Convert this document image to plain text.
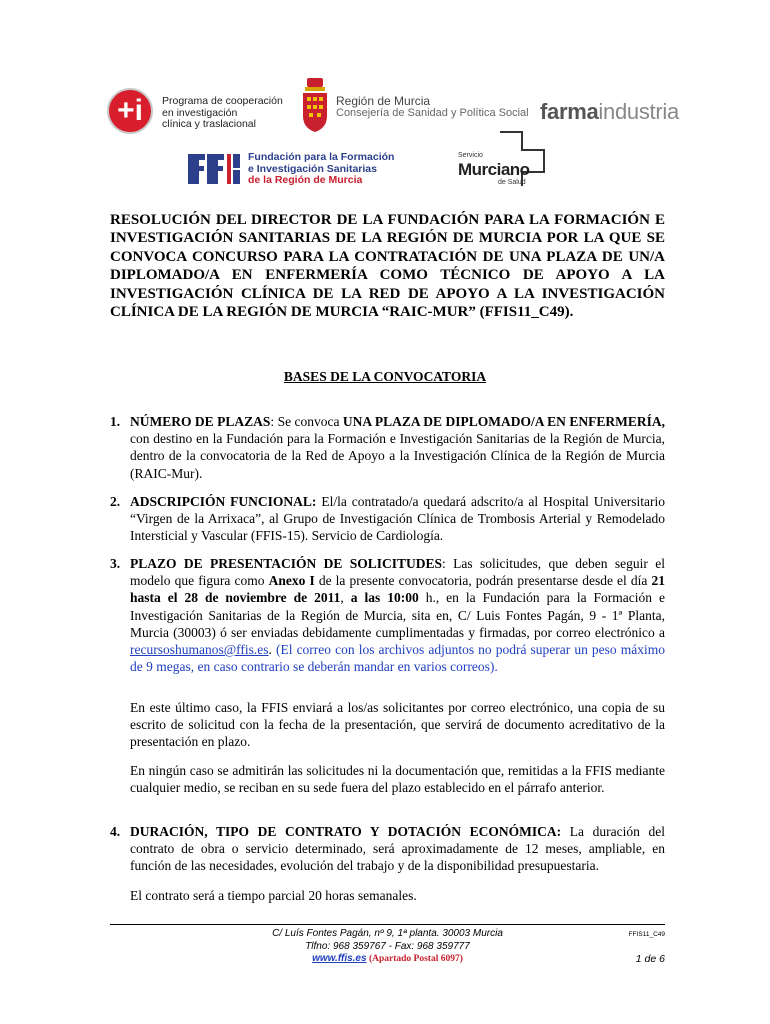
+i	Programa de cooperación
en investigación
clínica y traslacional
Región de Murcia
Consejería de Sanidad y Política Social farmaindustria
Fundación para la Formación
e Investigación Sanitarias
de la Región de Murcia
Servicio
Murciano
de Salud
RESOLUCIÓN DEL DIRECTOR DE LA FUNDACIÓN PARA LA FORMACIÓN E INVESTIGACIÓN SANITARIAS DE LA REGIÓN DE MURCIA POR LA QUE SE CONVOCA CONCURSO PARA LA CONTRATACIÓN DE UNA PLAZA DE UN/A DIPLOMADO/A EN ENFERMERÍA COMO TÉCNICO DE APOYO A LA INVESTIGACIÓN CLÍNICA DE LA RED DE APOYO A LA INVESTIGACIÓN CLÍNICA DE LA REGIÓN DE MURCIA “RAIC-MUR” (FFIS11_C49).
BASES DE LA CONVOCATORIA
1. NÚMERO DE PLAZAS: Se convoca UNA PLAZA DE DIPLOMADO/A EN ENFERMERÍA, con destino en la Fundación para la Formación e Investigación Sanitarias de la Región de Murcia, dentro de la convocatoria de la Red de Apoyo a la Investigación Clínica de la Región de Murcia (RAIC-Mur).
2. ADSCRIPCIÓN FUNCIONAL: El/la contratado/a quedará adscrito/a al Hospital Universitario “Virgen de la Arrixaca”, al Grupo de Investigación Clínica de Trombosis Arterial y Remodelado Intersticial y Vascular (FFIS-15). Servicio de Cardiología.
3. PLAZO DE PRESENTACIÓN DE SOLICITUDES: Las solicitudes, que deben seguir el modelo que figura como Anexo I de la presente convocatoria, podrán presentarse desde el día 21 hasta el 28 de noviembre de 2011, a las 10:00 h., en la Fundación para la Formación e Investigación Sanitarias de la Región de Murcia, sita en, C/ Luis Fontes Pagán, 9 - 1ª Planta, Murcia (30003) ó ser enviadas debidamente cumplimentadas y firmadas, por correo electrónico a recursoshumanos@ffis.es. (El correo con los archivos adjuntos no podrá superar un peso máximo de 9 megas, en caso contrario se deberán mandar en varios correos).
En este último caso, la FFIS enviará a los/as solicitantes por correo electrónico, una copia de su escrito de solicitud con la fecha de la presentación, que servirá de documento acreditativo de la presentación en plazo.
En ningún caso se admitirán las solicitudes ni la documentación que, remitidas a la FFIS mediante cualquier medio, se reciban en su sede fuera del plazo establecido en el párrafo anterior.
4. DURACIÓN, TIPO DE CONTRATO Y DOTACIÓN ECONÓMICA: La duración del contrato de obra o servicio determinado, será aproximadamente de 12 meses, ampliable, en función de las necesidades, evolución del trabajo y de la disponibilidad presupuestaria.
El contrato será a tiempo parcial 20 horas semanales.
C/ Luís Fontes Pagán, nº 9, 1ª planta. 30003 Murcia
Tlfno: 968 359767 - Fax: 968 359777
www.ffis.es (Apartado Postal 6097)
FFIS11_C49
1 de 6
